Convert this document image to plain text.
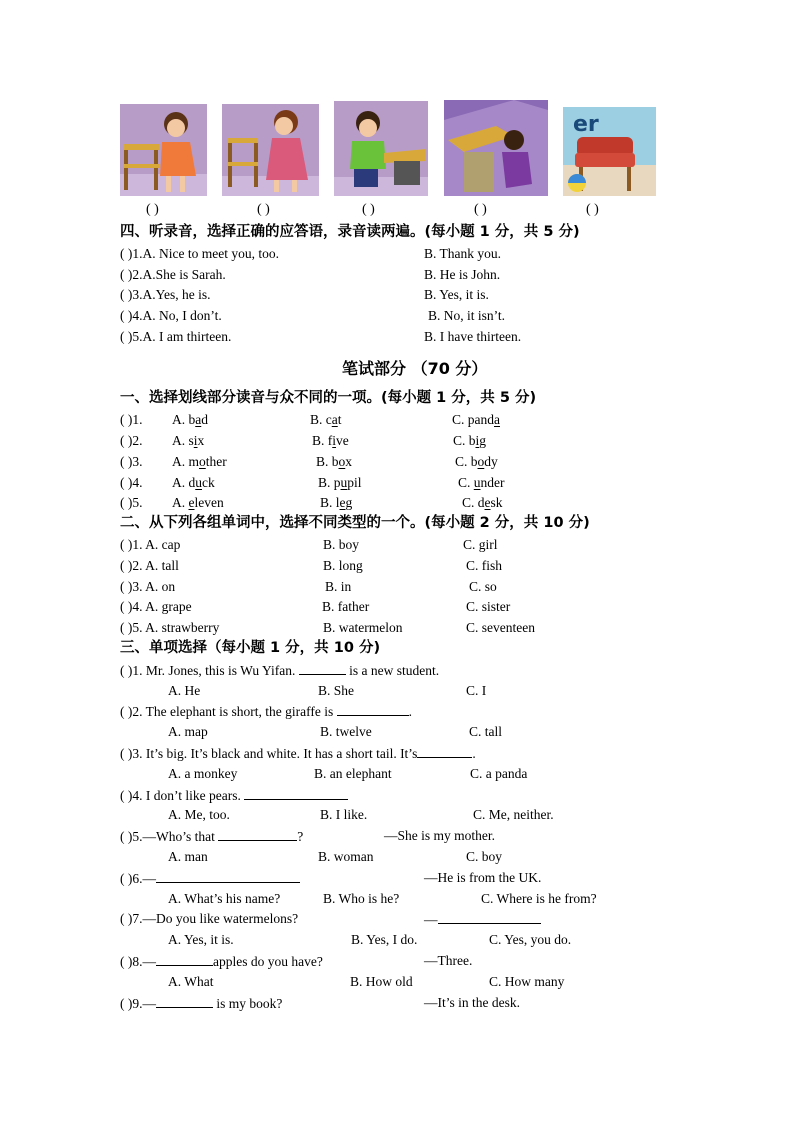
er
( )	( )	( )	( )	( )
四、听录音，选择正确的应答语，录音读两遍。(每小题 1 分，共 5 分)
( )1.A. Nice to meet you, too.	B. Thank you.
( )2.A.She is Sarah.	B. He is John.
( )3.A.Yes, he is.	B. Yes, it is.
( )4.A. No, I don’t.	B. No, it isn’t.
( )5.A. I am thirteen.	B. I have thirteen.
笔试部分 （70 分）
一、选择划线部分读音与众不同的一项。(每小题 1 分，共 5 分)
( )1. A. bad	B. cat	C. panda
( )2. A. six	B. five	C. big
( )3. A. mother	B. box	C. body
( )4. A. duck	B. pupil	C. under
( )5. A. eleven	B. leg	C. desk
二、从下列各组单词中，选择不同类型的一个。(每小题 2 分，共 10 分)
( )1. A. cap	B. boy	C. girl
( )2. A. tall	B. long	C. fish
( )3. A. on	B. in	C. so
( )4. A. grape	B. father	C. sister
( )5. A. strawberry	B. watermelon	C. seventeen
三、单项选择（每小题 1 分，共 10 分)
( )1. Mr. Jones, this is Wu Yifan.	is a new student.
A. He	B. She	C. I
( )2. The elephant is short, the giraffe is	.
A. map	B. twelve	C. tall
( )3. It’s big. It’s black and white. It has a short tail. It’s	.
A. a monkey	B. an elephant	C. a panda
( )4. I don’t like pears.
A. Me, too.	B. I like.	C. Me, neither.
( )5.—Who’s that	?	—She is my mother.
A. man	B. woman	C. boy
( )6.—	—He is from the UK.
A. What’s his name?	B. Who is he?	C. Where is he from?
( )7.—Do you like watermelons?	—
A. Yes, it is.	B. Yes, I do.	C. Yes, you do.
( )8.—	apples do you have?	—Three.
A. What	B. How old	C. How many
( )9.—	is my book?	—It’s in the desk.
